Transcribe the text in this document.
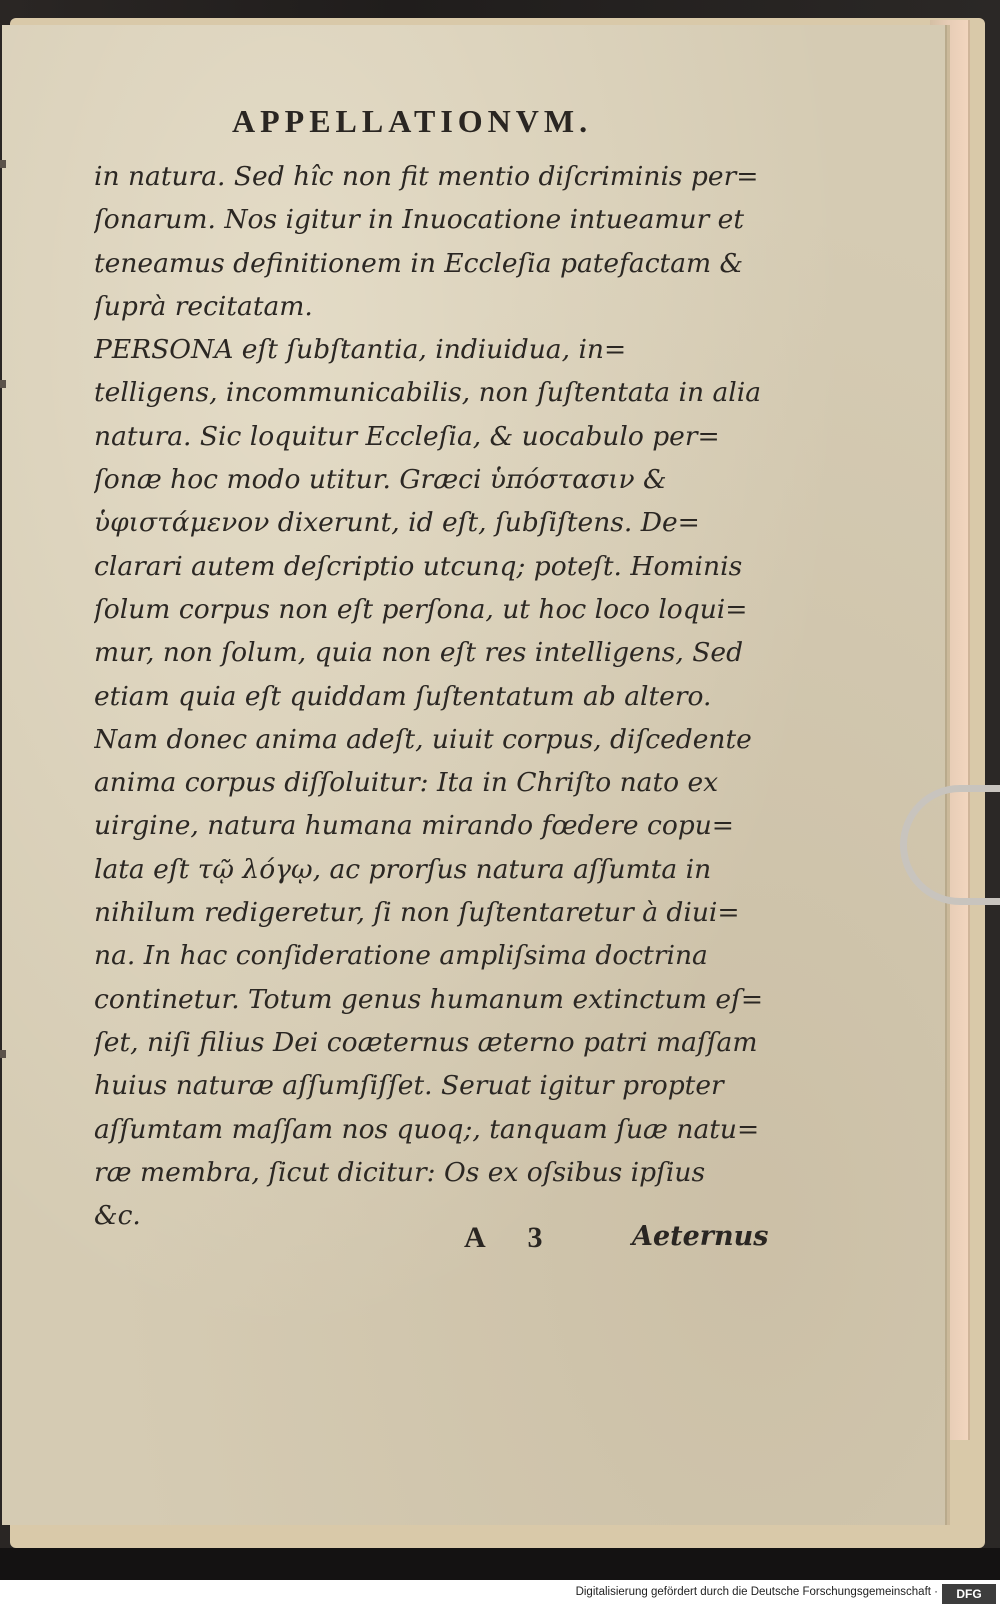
APPELLATIONVM.
in natura. Sed hîc non fit mentio diſcriminis per=
ſonarum. Nos igitur in Inuocatione intueamur et
teneamus definitionem in Eccleſia patefactam &
ſuprà recitatam.
PERSONA eſt ſubſtantia, indiuidua, in=
telligens, incommunicabilis, non ſuſtentata in alia
natura. Sic loquitur Eccleſia, & uocabulo per=
ſonæ hoc modo utitur. Græci ὑπόστασιν &
ὑφιστάμενον dixerunt, id eſt, ſubſiſtens. De=
clarari autem deſcriptio utcunq; poteſt. Hominis
ſolum corpus non eſt perſona, ut hoc loco loqui=
mur, non ſolum, quia non eſt res intelligens, Sed
etiam quia eſt quiddam ſuſtentatum ab altero.
Nam donec anima adeſt, uiuit corpus, diſcedente
anima corpus diſſoluitur: Ita in Chriſto nato ex
uirgine, natura humana mirando fœdere copu=
lata eſt τῷ λόγῳ, ac prorſus natura aſſumta in
nihilum redigeretur, ſi non ſuſtentaretur à diui=
na. In hac conſideratione ampliſsima doctrina
continetur. Totum genus humanum extinctum eſ=
ſet, niſi filius Dei coæternus æterno patri maſſam
huius naturæ aſſumſiſſet. Seruat igitur propter
aſſumtam maſſam nos quoq;, tanquam ſuæ natu=
ræ membra, ſicut dicitur: Os ex oſsibus ipſius
&c.
A 3	Aeternus
Digitalisierung gefördert durch die Deutsche Forschungsgemeinschaft ·	DFG
